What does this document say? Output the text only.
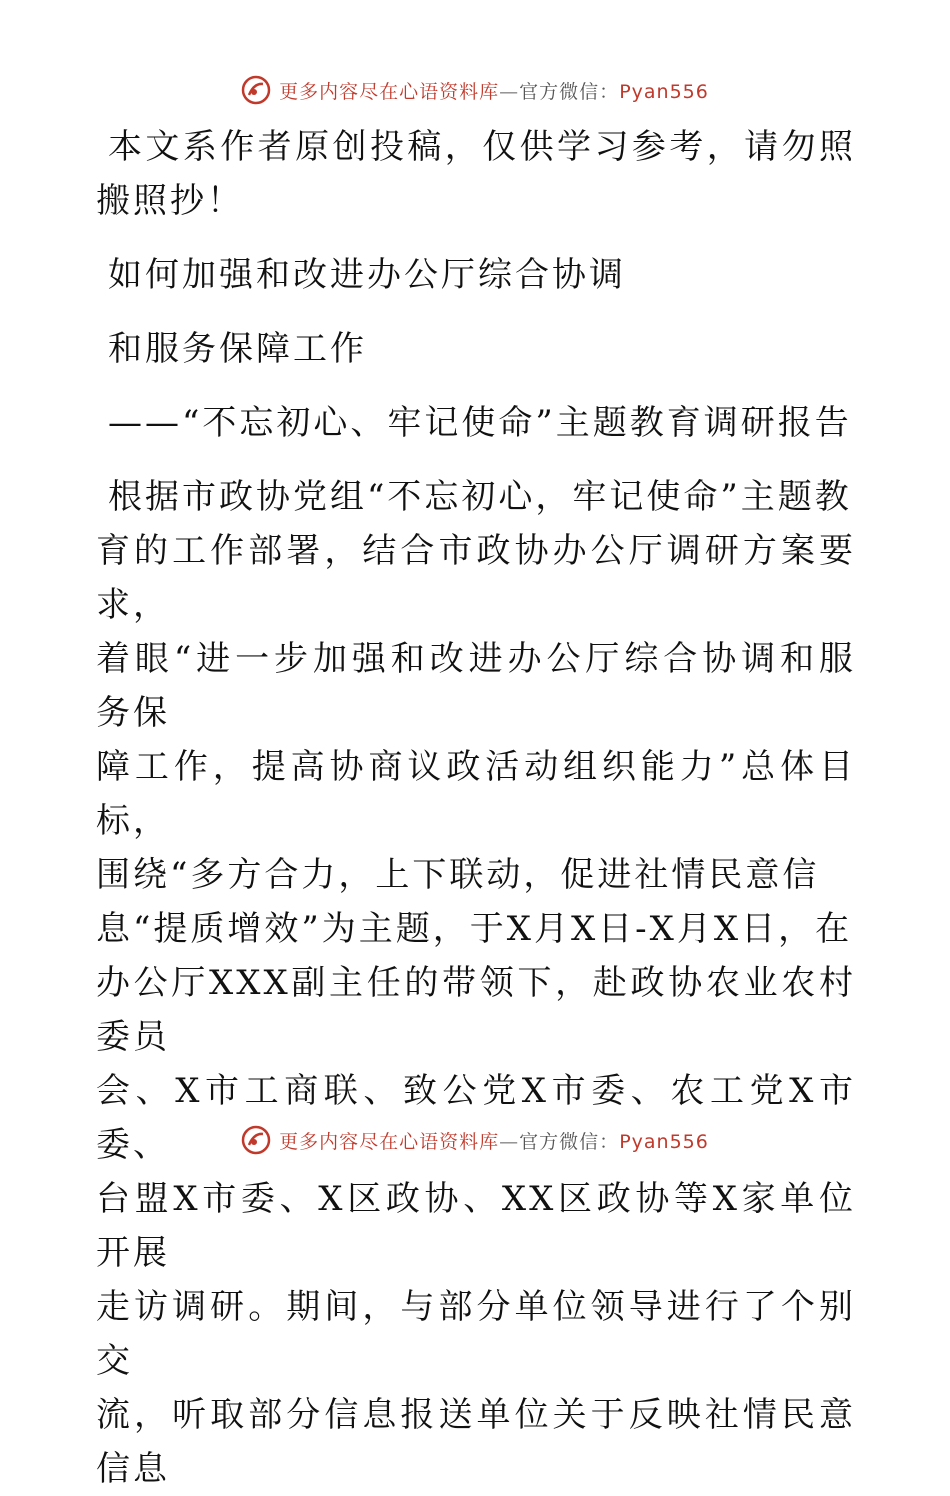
更多内容尽在心语资料库—官方微信：Pyan556

本文系作者原创投稿，仅供学习参考，请勿照搬照抄！

如何加强和改进办公厅综合协调

和服务保障工作

——“不忘初心、牢记使命”主题教育调研报告

根据市政协党组“不忘初心，牢记使命”主题教

育的工作部署，结合市政协办公厅调研方案要求，

着眼“进一步加强和改进办公厅综合协调和服务保

障工作，提高协商议政活动组织能力”总体目标，

围绕“多方合力，上下联动，促进社情民意信

息“提质增效”为主题，于X月X日-X月X日，在

办公厅XXX副主任的带领下，赴政协农业农村委员

会、X市工商联、致公党X市委、农工党X市委、

台盟X市委、X区政协、XX区政协等X家单位开展

走访调研。期间，与部分单位领导进行了个别交

流，听取部分信息报送单位关于反映社情民意信息

更多内容尽在心语资料库—官方微信：Pyan556
